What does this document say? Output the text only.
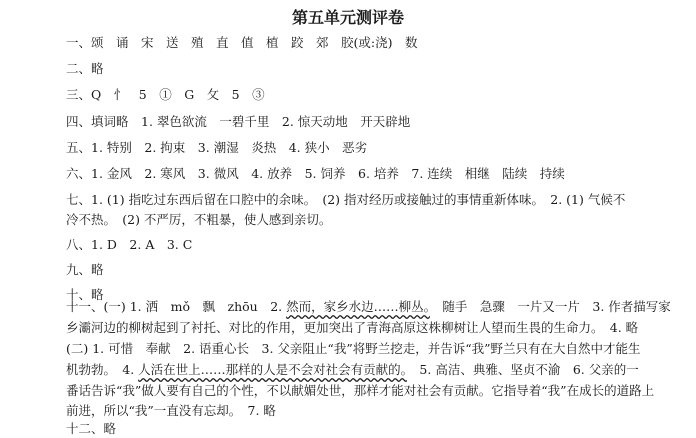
第五单元测评卷
一、颂　诵　宋　送　殖　直　值　植　跤　郊　胶(或:浇)　数
二、略
三、Q　忄　5　①　G　攵　5　③
四、填词略　1. 翠色欲流　一碧千里　2. 惊天动地　开天辟地
五、1. 特别　2. 拘束　3. 潮湿　炎热　4. 狭小　恶劣
六、1. 金风　2. 寒风　3. 微风　4. 放养　5. 饲养　6. 培养　7. 连续　相继　陆续　持续
七、1. (1) 指吃过东西后留在口腔中的余味。　(2) 指对经历或接触过的事情重新体味。　2. (1) 气候不
冷不热。　(2) 不严厉，不粗暴，使人感到亲切。
八、1. D　2. A　3. C
九、略
十、略
十一、(一) 1. 洒　mǒ　飘　zhōu　2. 然而，家乡水边……柳丛。　随手　急骤　一片又一片　3. 作者描写家
乡灞河边的柳树起到了衬托、对比的作用，更加突出了青海高原这株柳树让人望而生畏的生命力。　4. 略
(二) 1. 可惜　奉献　2. 语重心长　3. 父亲阻止“我”将野兰挖走，并告诉“我”野兰只有在大自然中才能生
机勃勃。　4. 人活在世上……那样的人是不会对社会有贡献的。　5. 高洁、典雅、坚贞不渝　6. 父亲的一
番话告诉“我”做人要有自己的个性，不以献媚处世，那样才能对社会有贡献。它指导着“我”在成长的道路上
前进，所以“我”一直没有忘却。　7. 略
十二、略
